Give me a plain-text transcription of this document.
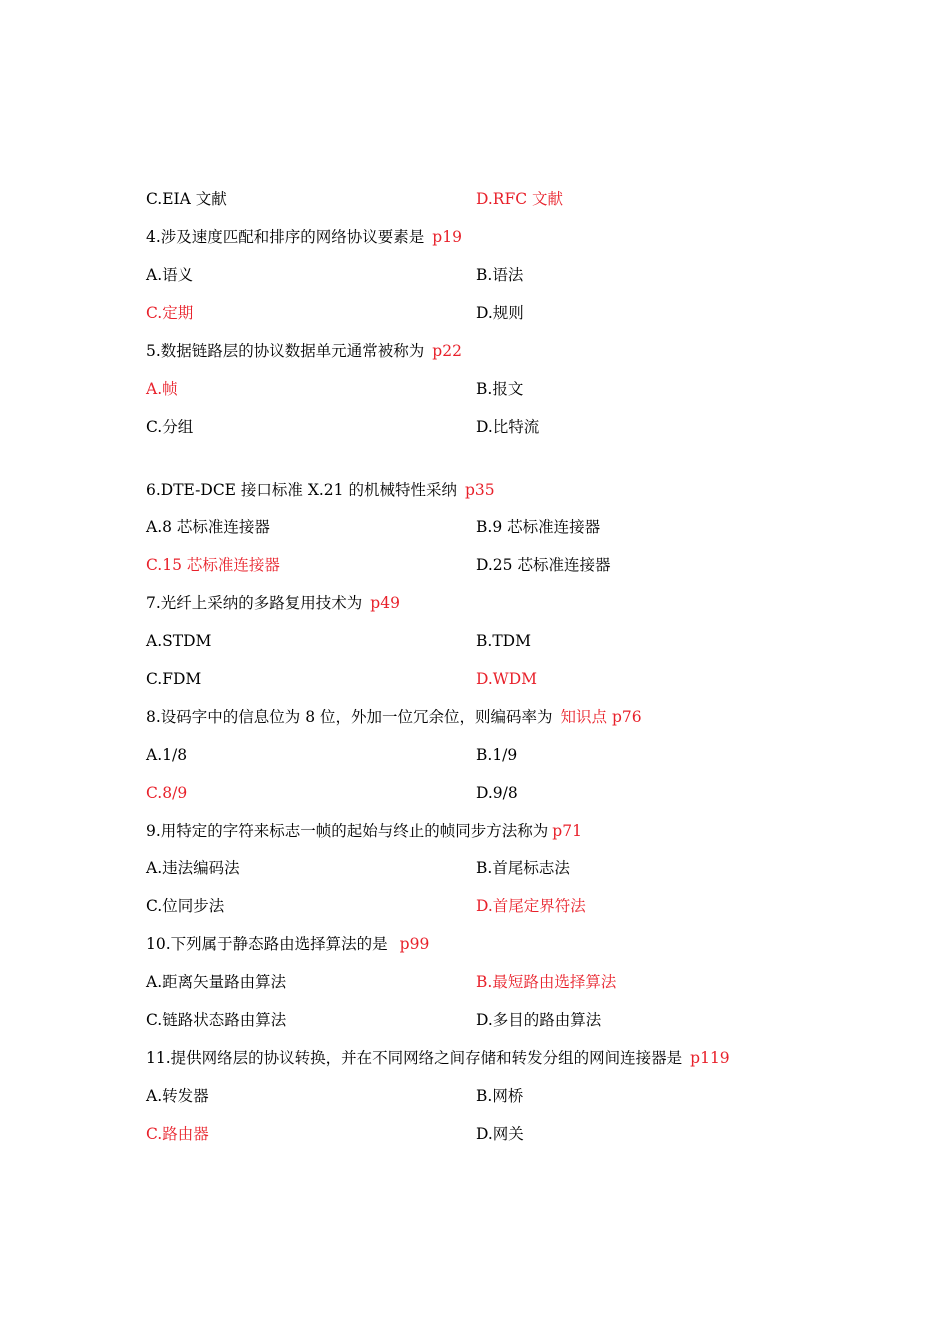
C.EIA 文献	D.RFC 文献
4.涉及速度匹配和排序的网络协议要素是 p19
A.语义	B.语法
C.定期	D.规则
5.数据链路层的协议数据单元通常被称为 p22
A.帧	B.报文
C.分组	D.比特流
6.DTE-DCE 接口标准 X.21 的机械特性采纳 p35
A.8 芯标准连接器	B.9 芯标准连接器
C.15 芯标准连接器	D.25 芯标准连接器
7.光纤上采纳的多路复用技术为 p49
A.STDM	B.TDM
C.FDM	D.WDM
8.设码字中的信息位为 8 位，外加一位冗余位，则编码率为 知识点 p76
A.1/8	B.1/9
C.8/9	D.9/8
9.用特定的字符来标志一帧的起始与终止的帧同步方法称为 p71
A.违法编码法	B.首尾标志法
C.位同步法	D.首尾定界符法
10.下列属于静态路由选择算法的是 p99
A.距离矢量路由算法	B.最短路由选择算法
C.链路状态路由算法	D.多目的路由算法
11.提供网络层的协议转换，并在不同网络之间存储和转发分组的网间连接器是 p119
A.转发器	B.网桥
C.路由器	D.网关
